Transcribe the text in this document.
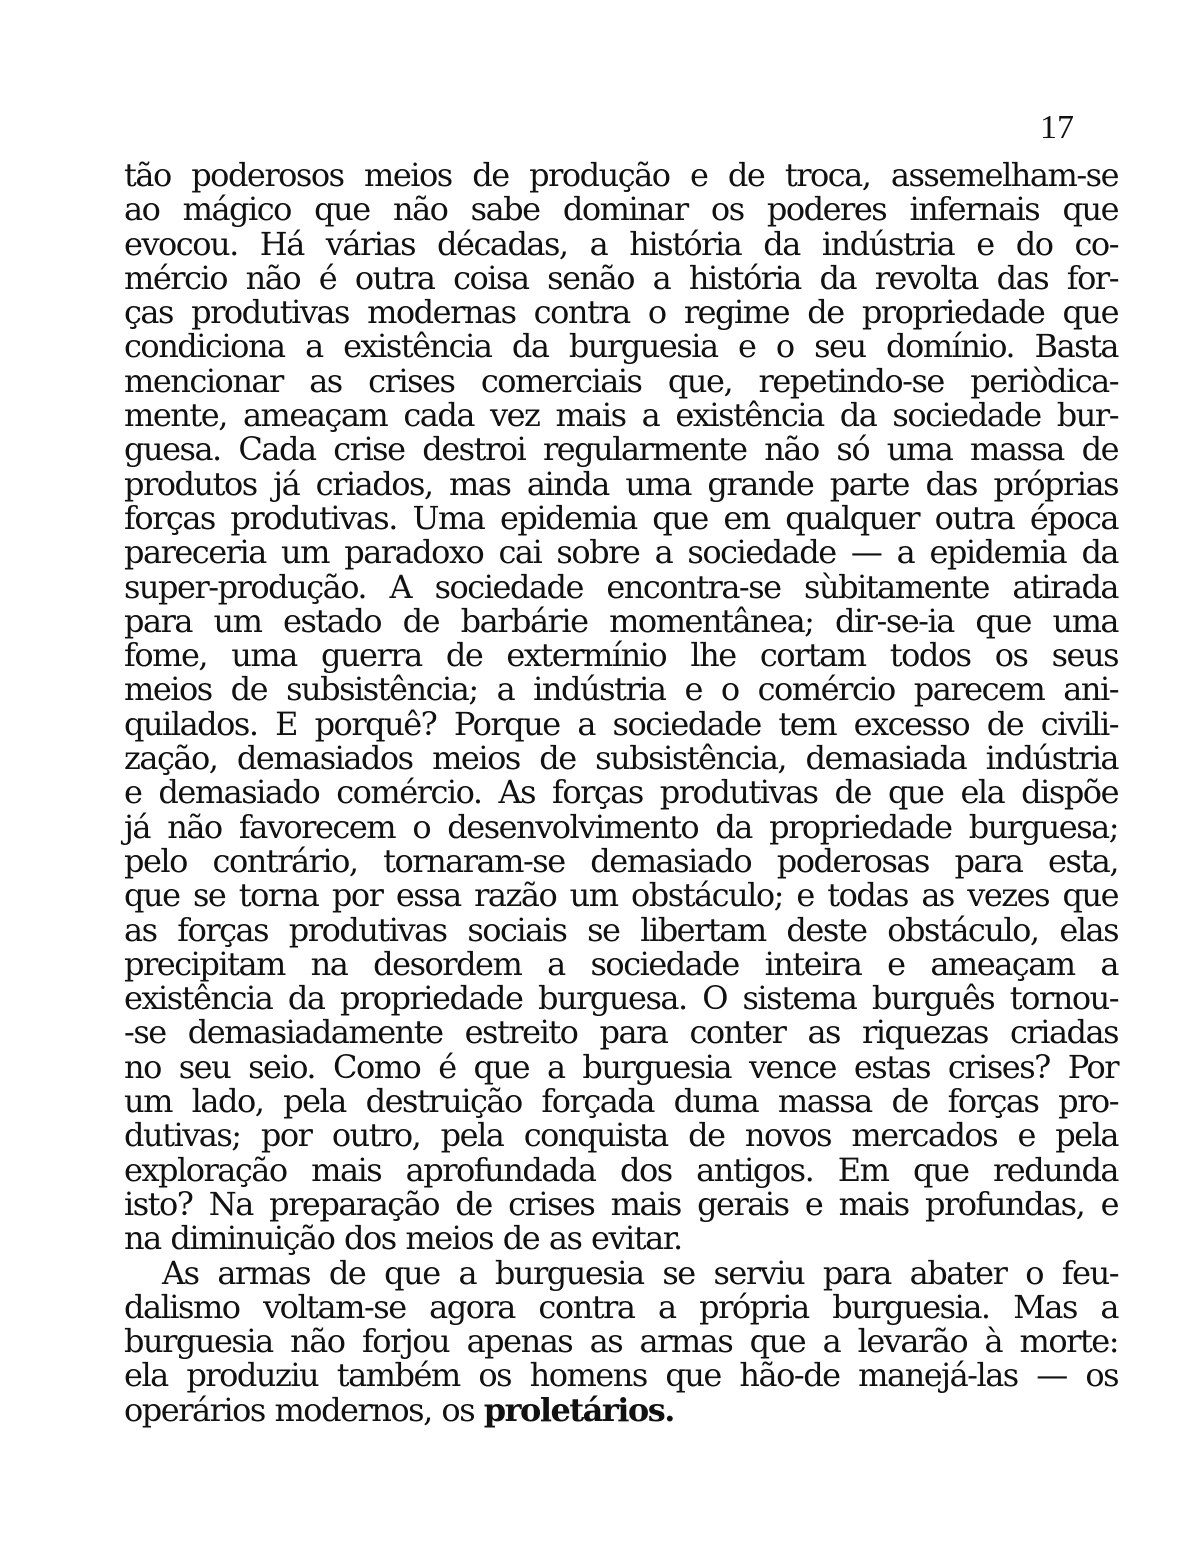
17
tão poderosos meios de produção e de troca, assemelham-se
ao mágico que não sabe dominar os poderes infernais que
evocou. Há várias décadas, a história da indústria e do co-
mércio não é outra coisa senão a história da revolta das for-
ças produtivas modernas contra o regime de propriedade que
condiciona a existência da burguesia e o seu domínio. Basta
mencionar as crises comerciais que, repetindo-se periòdica-
mente, ameaçam cada vez mais a existência da sociedade bur-
guesa. Cada crise destroi regularmente não só uma massa de
produtos já criados, mas ainda uma grande parte das próprias
forças produtivas. Uma epidemia que em qualquer outra época
pareceria um paradoxo cai sobre a sociedade — a epidemia da
super-produção. A sociedade encontra-se sùbitamente atirada
para um estado de barbárie momentânea; dir-se-ia que uma
fome, uma guerra de extermínio lhe cortam todos os seus
meios de subsistência; a indústria e o comércio parecem ani-
quilados. E porquê? Porque a sociedade tem excesso de civili-
zação, demasiados meios de subsistência, demasiada indústria
e demasiado comércio. As forças produtivas de que ela dispõe
já não favorecem o desenvolvimento da propriedade burguesa;
pelo contrário, tornaram-se demasiado poderosas para esta,
que se torna por essa razão um obstáculo; e todas as vezes que
as forças produtivas sociais se libertam deste obstáculo, elas
precipitam na desordem a sociedade inteira e ameaçam a
existência da propriedade burguesa. O sistema burguês tornou-
-se demasiadamente estreito para conter as riquezas criadas
no seu seio. Como é que a burguesia vence estas crises? Por
um lado, pela destruição forçada duma massa de forças pro-
dutivas; por outro, pela conquista de novos mercados e pela
exploração mais aprofundada dos antigos. Em que redunda
isto? Na preparação de crises mais gerais e mais profundas, e
na diminuição dos meios de as evitar.
As armas de que a burguesia se serviu para abater o feu-
dalismo voltam-se agora contra a própria burguesia. Mas a
burguesia não forjou apenas as armas que a levarão à morte:
ela produziu também os homens que hão-de manejá-las — os
operários modernos, os proletários.
